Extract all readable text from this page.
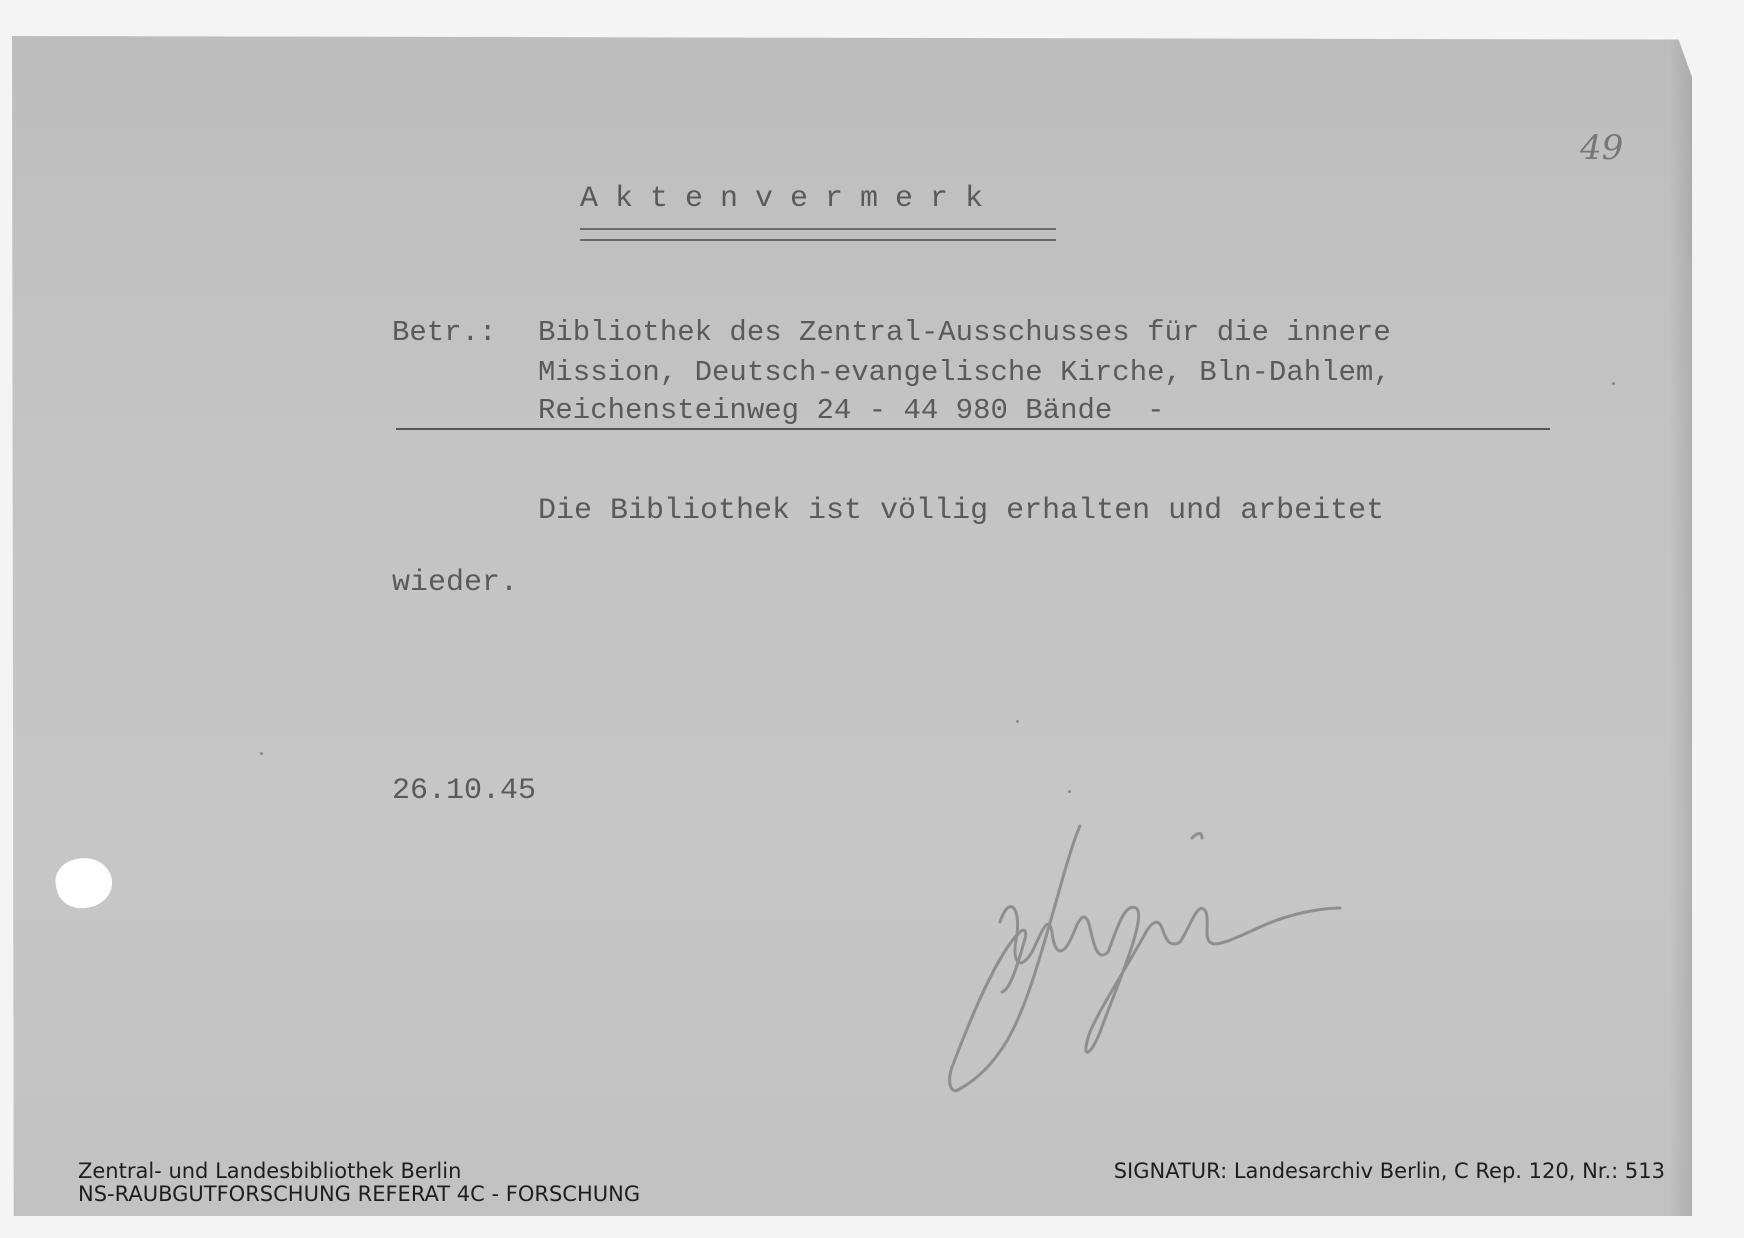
49
Aktenvermerk
Betr.: Bibliothek des Zentral-Ausschusses für die innere
Mission, Deutsch-evangelische Kirche, Bln-Dahlem,
Reichensteinweg 24 - 44 980 Bände  -
Die Bibliothek ist völlig erhalten und arbeitet
wieder.
26.10.45
Zentral- und Landesbibliothek Berlin
NS-RAUBGUTFORSCHUNG REFERAT 4C - FORSCHUNG
SIGNATUR: Landesarchiv Berlin, C Rep. 120, Nr.: 513
